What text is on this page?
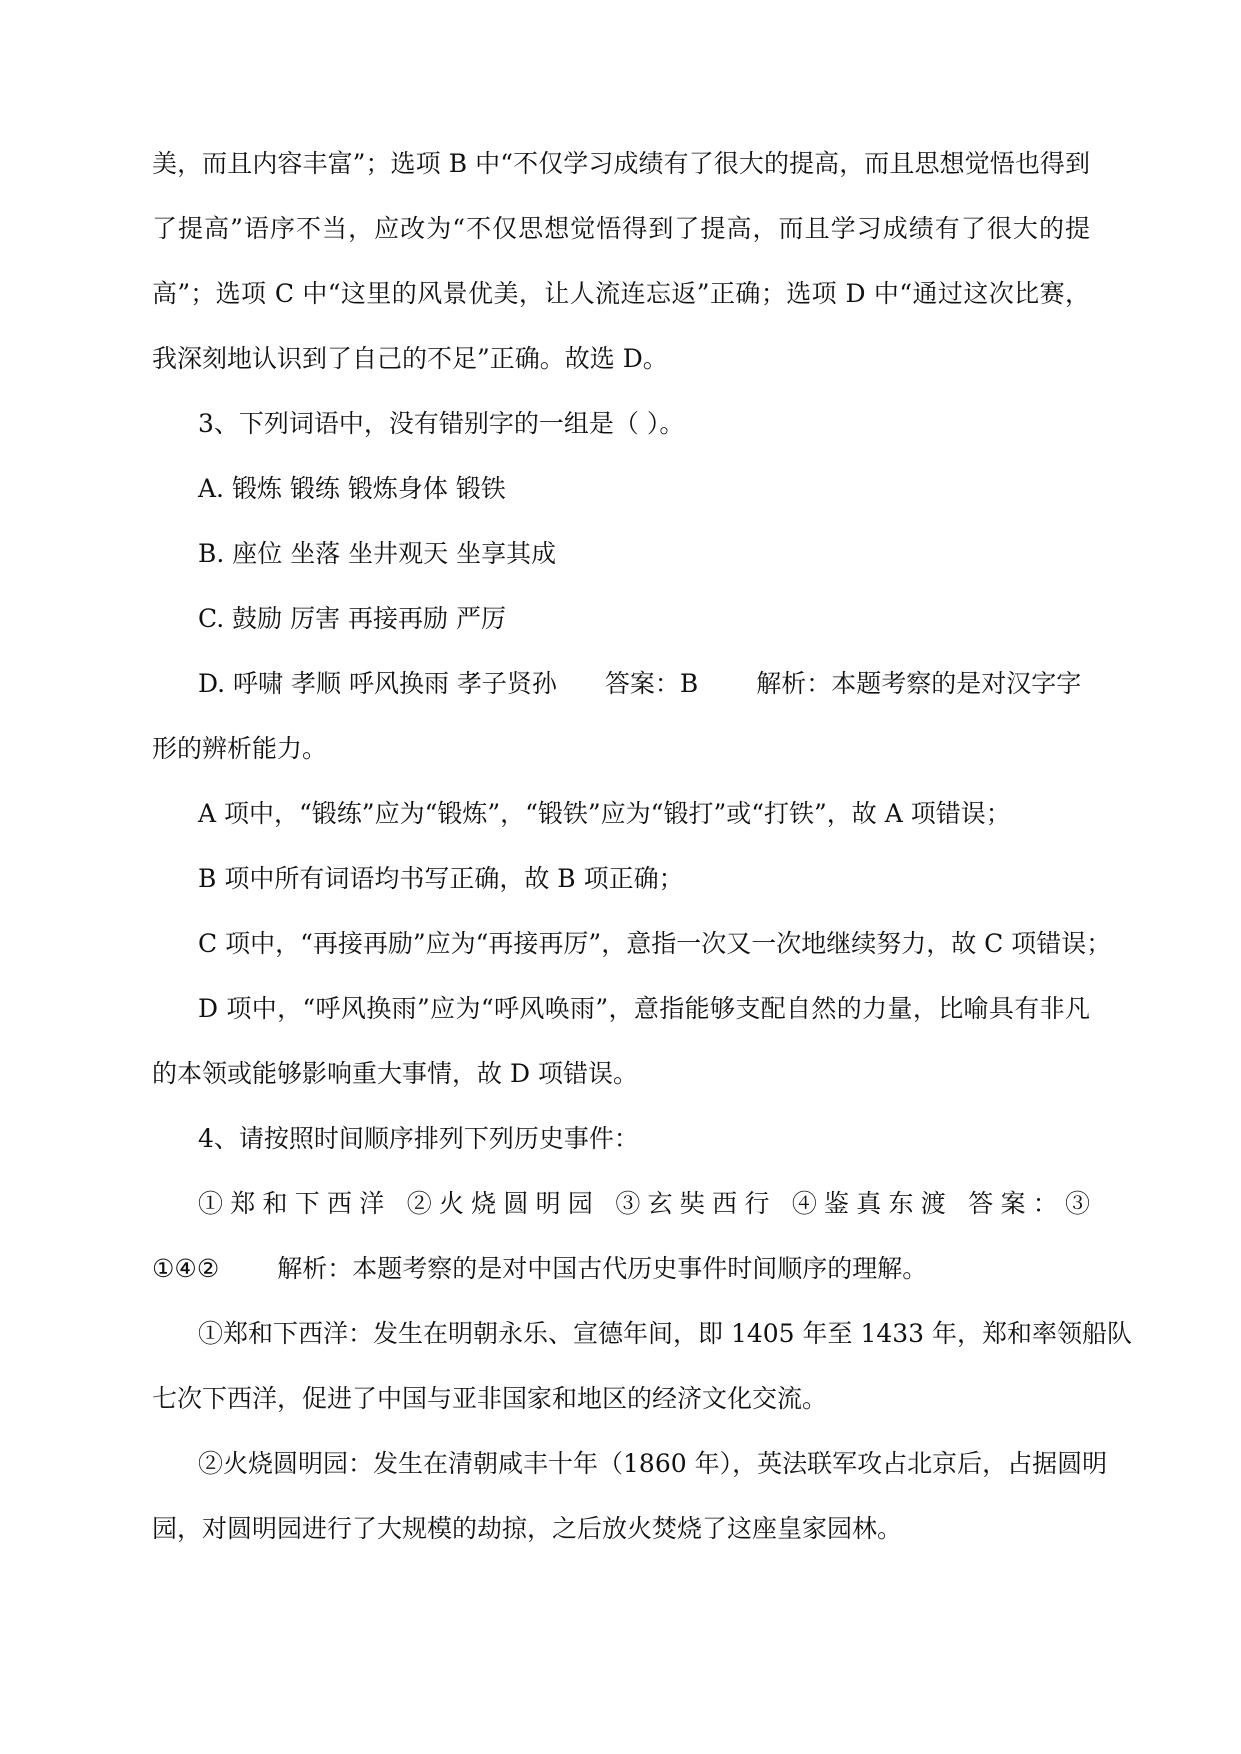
美，而且内容丰富”；选项 B 中“不仅学习成绩有了很大的提高，而且思想觉悟也得到
了提高”语序不当，应改为“不仅思想觉悟得到了提高，而且学习成绩有了很大的提
高”；选项 C 中“这里的风景优美，让人流连忘返”正确；选项 D 中“通过这次比赛，
我深刻地认识到了自己的不足”正确。故选 D。
3、下列词语中，没有错别字的一组是（ ）。
A. 锻炼 锻练 锻炼身体 锻铁
B. 座位 坐落 坐井观天 坐享其成
C. 鼓励 厉害 再接再励 严厉
D. 呼啸 孝顺 呼风换雨 孝子贤孙 答案：B 解析：本题考察的是对汉字字
形的辨析能力。
A 项中，“锻练”应为“锻炼”，“锻铁”应为“锻打”或“打铁”，故 A 项错误；
B 项中所有词语均书写正确，故 B 项正确；
C 项中，“再接再励”应为“再接再厉”，意指一次又一次地继续努力，故 C 项错误；
D 项中，“呼风换雨”应为“呼风唤雨”，意指能够支配自然的力量，比喻具有非凡
的本领或能够影响重大事情，故 D 项错误。
4、请按照时间顺序排列下列历史事件：
①郑和下西洋 ②火烧圆明园 ③玄奘西行 ④鉴真东渡 答案：③
①④② 解析：本题考察的是对中国古代历史事件时间顺序的理解。
①郑和下西洋：发生在明朝永乐、宣德年间，即 1405 年至 1433 年，郑和率领船队
七次下西洋，促进了中国与亚非国家和地区的经济文化交流。
②火烧圆明园：发生在清朝咸丰十年（1860 年），英法联军攻占北京后，占据圆明
园，对圆明园进行了大规模的劫掠，之后放火焚烧了这座皇家园林。
